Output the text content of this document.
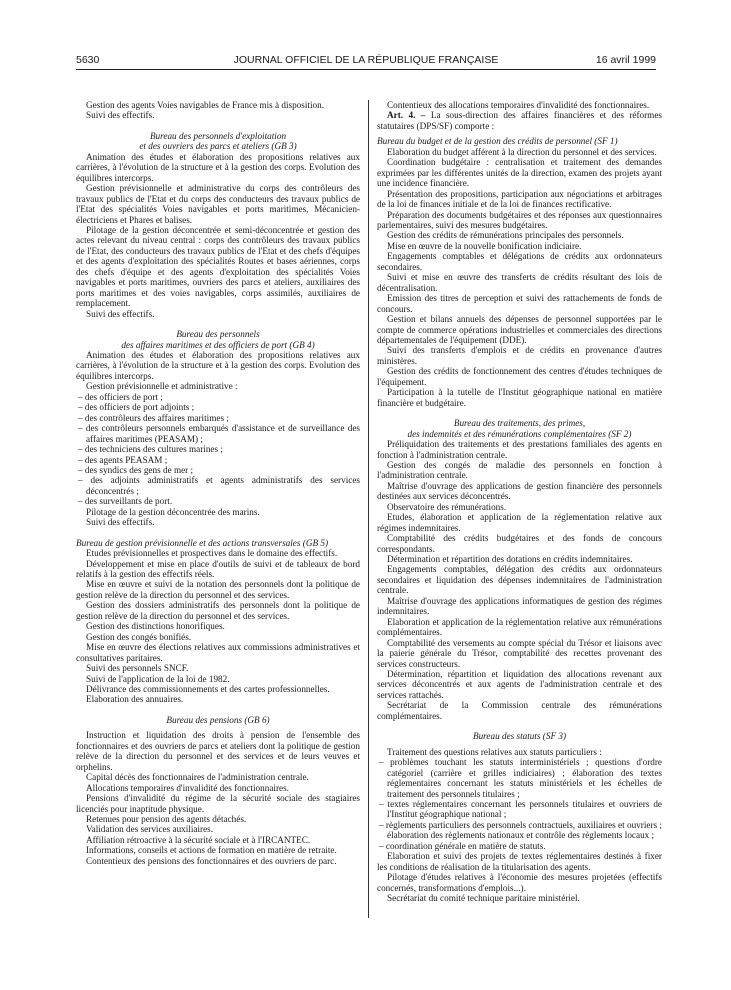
5630	JOURNAL OFFICIEL DE LA RÉPUBLIQUE FRANÇAISE	16 avril 1999

Gestion des agents Voies navigables de France mis à disposition.

Suivi des effectifs.

Bureau des personnels d'exploitation

et des ouvriers des parcs et ateliers (GB 3)

Animation des études et élaboration des propositions relatives aux carrières, à l'évolution de la structure et à la gestion des corps. Evolution des équilibres intercorps.

Gestion prévisionnelle et administrative du corps des contrôleurs des travaux publics de l'Etat et du corps des conducteurs des travaux publics de l'Etat des spécialités Voies navigables et ports maritimes, Mécanicien-électriciens et Phares et balises.

Pilotage de la gestion déconcentrée et semi-déconcentrée et gestion des actes relevant du niveau central : corps des contrôleurs des travaux publics de l'Etat, des conducteurs des travaux publics de l'Etat et des chefs d'équipes et des agents d'exploitation des spécialités Routes et bases aériennes, corps des chefs d'équipe et des agents d'exploitation des spécialités Voies navigables et ports maritimes, ouvriers des parcs et ateliers, auxiliaires des ports maritimes et des voies navigables, corps assimilés, auxiliaires de remplacement.

Suivi des effectifs.

Bureau des personnels

des affaires maritimes et des officiers de port (GB 4)

Animation des études et élaboration des propositions relatives aux carrières, à l'évolution de la structure et à la gestion des corps. Evolution des équilibres intercorps.

Gestion prévisionnelle et administrative :

– des officiers de port ;

– des officiers de port adjoints ;

– des contrôleurs des affaires maritimes ;

– des contrôleurs personnels embarqués d'assistance et de surveillance des affaires maritimes (PEASAM) ;

– des techniciens des cultures marines ;

– des agents PEASAM ;

– des syndics des gens de mer ;

– des adjoints administratifs et agents administratifs des services déconcentrés ;

– des surveillants de port.

Pilotage de la gestion déconcentrée des marins.

Suivi des effectifs.

Bureau de gestion prévisionnelle et des actions transversales (GB 5)

Etudes prévisionnelles et prospectives dans le domaine des effectifs.

Développement et mise en place d'outils de suivi et de tableaux de bord relatifs à la gestion des effectifs réels.

Mise en œuvre et suivi de la notation des personnels dont la politique de gestion relève de la direction du personnel et des services.

Gestion des dossiers administratifs des personnels dont la politique de gestion relève de la direction du personnel et des services.

Gestion des distinctions honorifiques.

Gestion des congés bonifiés.

Mise en œuvre des élections relatives aux commissions administratives et consultatives paritaires.

Suivi des personnels SNCF.

Suivi de l'application de la loi de 1982.

Délivrance des commissionnements et des cartes professionnelles.

Elaboration des annuaires.

Bureau des pensions (GB 6)

Instruction et liquidation des droits à pension de l'ensemble des fonctionnaires et des ouvriers de parcs et ateliers dont la politique de gestion relève de la direction du personnel et des services et de leurs veuves et orphelins.

Capital décès des fonctionnaires de l'administration centrale.

Allocations temporaires d'invalidité des fonctionnaires.

Pensions d'invalidité du régime de la sécurité sociale des stagiaires licenciés pour inaptitude physique.

Retenues pour pension des agents détachés.

Validation des services auxiliaires.

Affiliation rétroactive à la sécurité sociale et à l'IRCANTEC.

Informations, conseils et actions de formation en matière de retraite.

Contentieux des pensions des fonctionnaires et des ouvriers de parc.

Contentieux des allocations temporaires d'invalidité des fonctionnaires.

Art. 4. – La sous-direction des affaires financières et des réformes statutaires (DPS/SF) comporte :

Bureau du budget et de la gestion des crédits de personnel (SF 1)

Elaboration du budget afférent à la direction du personnel et des services.

Coordination budgétaire : centralisation et traitement des demandes exprimées par les différentes unités de la direction, examen des projets ayant une incidence financière.

Présentation des propositions, participation aux négociations et arbitrages de la loi de finances initiale et de la loi de finances rectificative.

Préparation des documents budgétaires et des réponses aux questionnaires parlementaires, suivi des mesures budgétaires.

Gestion des crédits de rémunérations principales des personnels.

Mise en œuvre de la nouvelle bonification indiciaire.

Engagements comptables et délégations de crédits aux ordonnateurs secondaires.

Suivi et mise en œuvre des transferts de crédits résultant des lois de décentralisation.

Emission des titres de perception et suivi des rattachements de fonds de concours.

Gestion et bilans annuels des dépenses de personnel supportées par le compte de commerce opérations industrielles et commerciales des directions départementales de l'équipement (DDE).

Suivi des transferts d'emplois et de crédits en provenance d'autres ministères.

Gestion des crédits de fonctionnement des centres d'études techniques de l'équipement.

Participation à la tutelle de l'Institut géographique national en matière financière et budgétaire.

Bureau des traitements, des primes,

des indemnités et des rémunérations complémentaires (SF 2)

Préliquidation des traitements et des prestations familiales des agents en fonction à l'administration centrale.

Gestion des congés de maladie des personnels en fonction à l'administration centrale.

Maîtrise d'ouvrage des applications de gestion financière des personnels destinées aux services déconcentrés.

Observatoire des rémunérations.

Etudes, élaboration et application de la réglementation relative aux régimes indemnitaires.

Comptabilité des crédits budgétaires et des fonds de concours correspondants.

Détermination et répartition des dotations en crédits indemnitaires.

Engagements comptables, délégation des crédits aux ordonnateurs secondaires et liquidation des dépenses indemnitaires de l'administration centrale.

Maîtrise d'ouvrage des applications informatiques de gestion des régimes indemnitaires.

Elaboration et application de la réglementation relative aux rémunérations complémentaires.

Comptabilité des versements au compte spécial du Trésor et liaisons avec la paierie générale du Trésor, comptabilité des recettes provenant des services constructeurs.

Détermination, répartition et liquidation des allocations revenant aux services déconcentrés et aux agents de l'administration centrale et des services rattachés.

Secrétariat de la Commission centrale des rémunérations complémentaires.

Bureau des statuts (SF 3)

Traitement des questions relatives aux statuts particuliers :

– problèmes touchant les statuts interministériels ; questions d'ordre catégoriel (carrière et grilles indiciaires) ; élaboration des textes réglementaires concernant les statuts ministériels et les échelles de traitement des personnels titulaires ;

– textes réglementaires concernant les personnels titulaires et ouvriers de l'Institut géographique national ;

– règlements particuliers des personnels contractuels, auxiliaires et ouvriers ; élaboration des règlements nationaux et contrôle des règlements locaux ;

– coordination générale en matière de statuts.

Elaboration et suivi des projets de textes réglementaires destinés à fixer les conditions de réalisation de la titularisation des agents.

Pilotage d'études relatives à l'économie des mesures projetées (effectifs concernés, transformations d'emplois...).

Secrétariat du comité technique paritaire ministériel.
